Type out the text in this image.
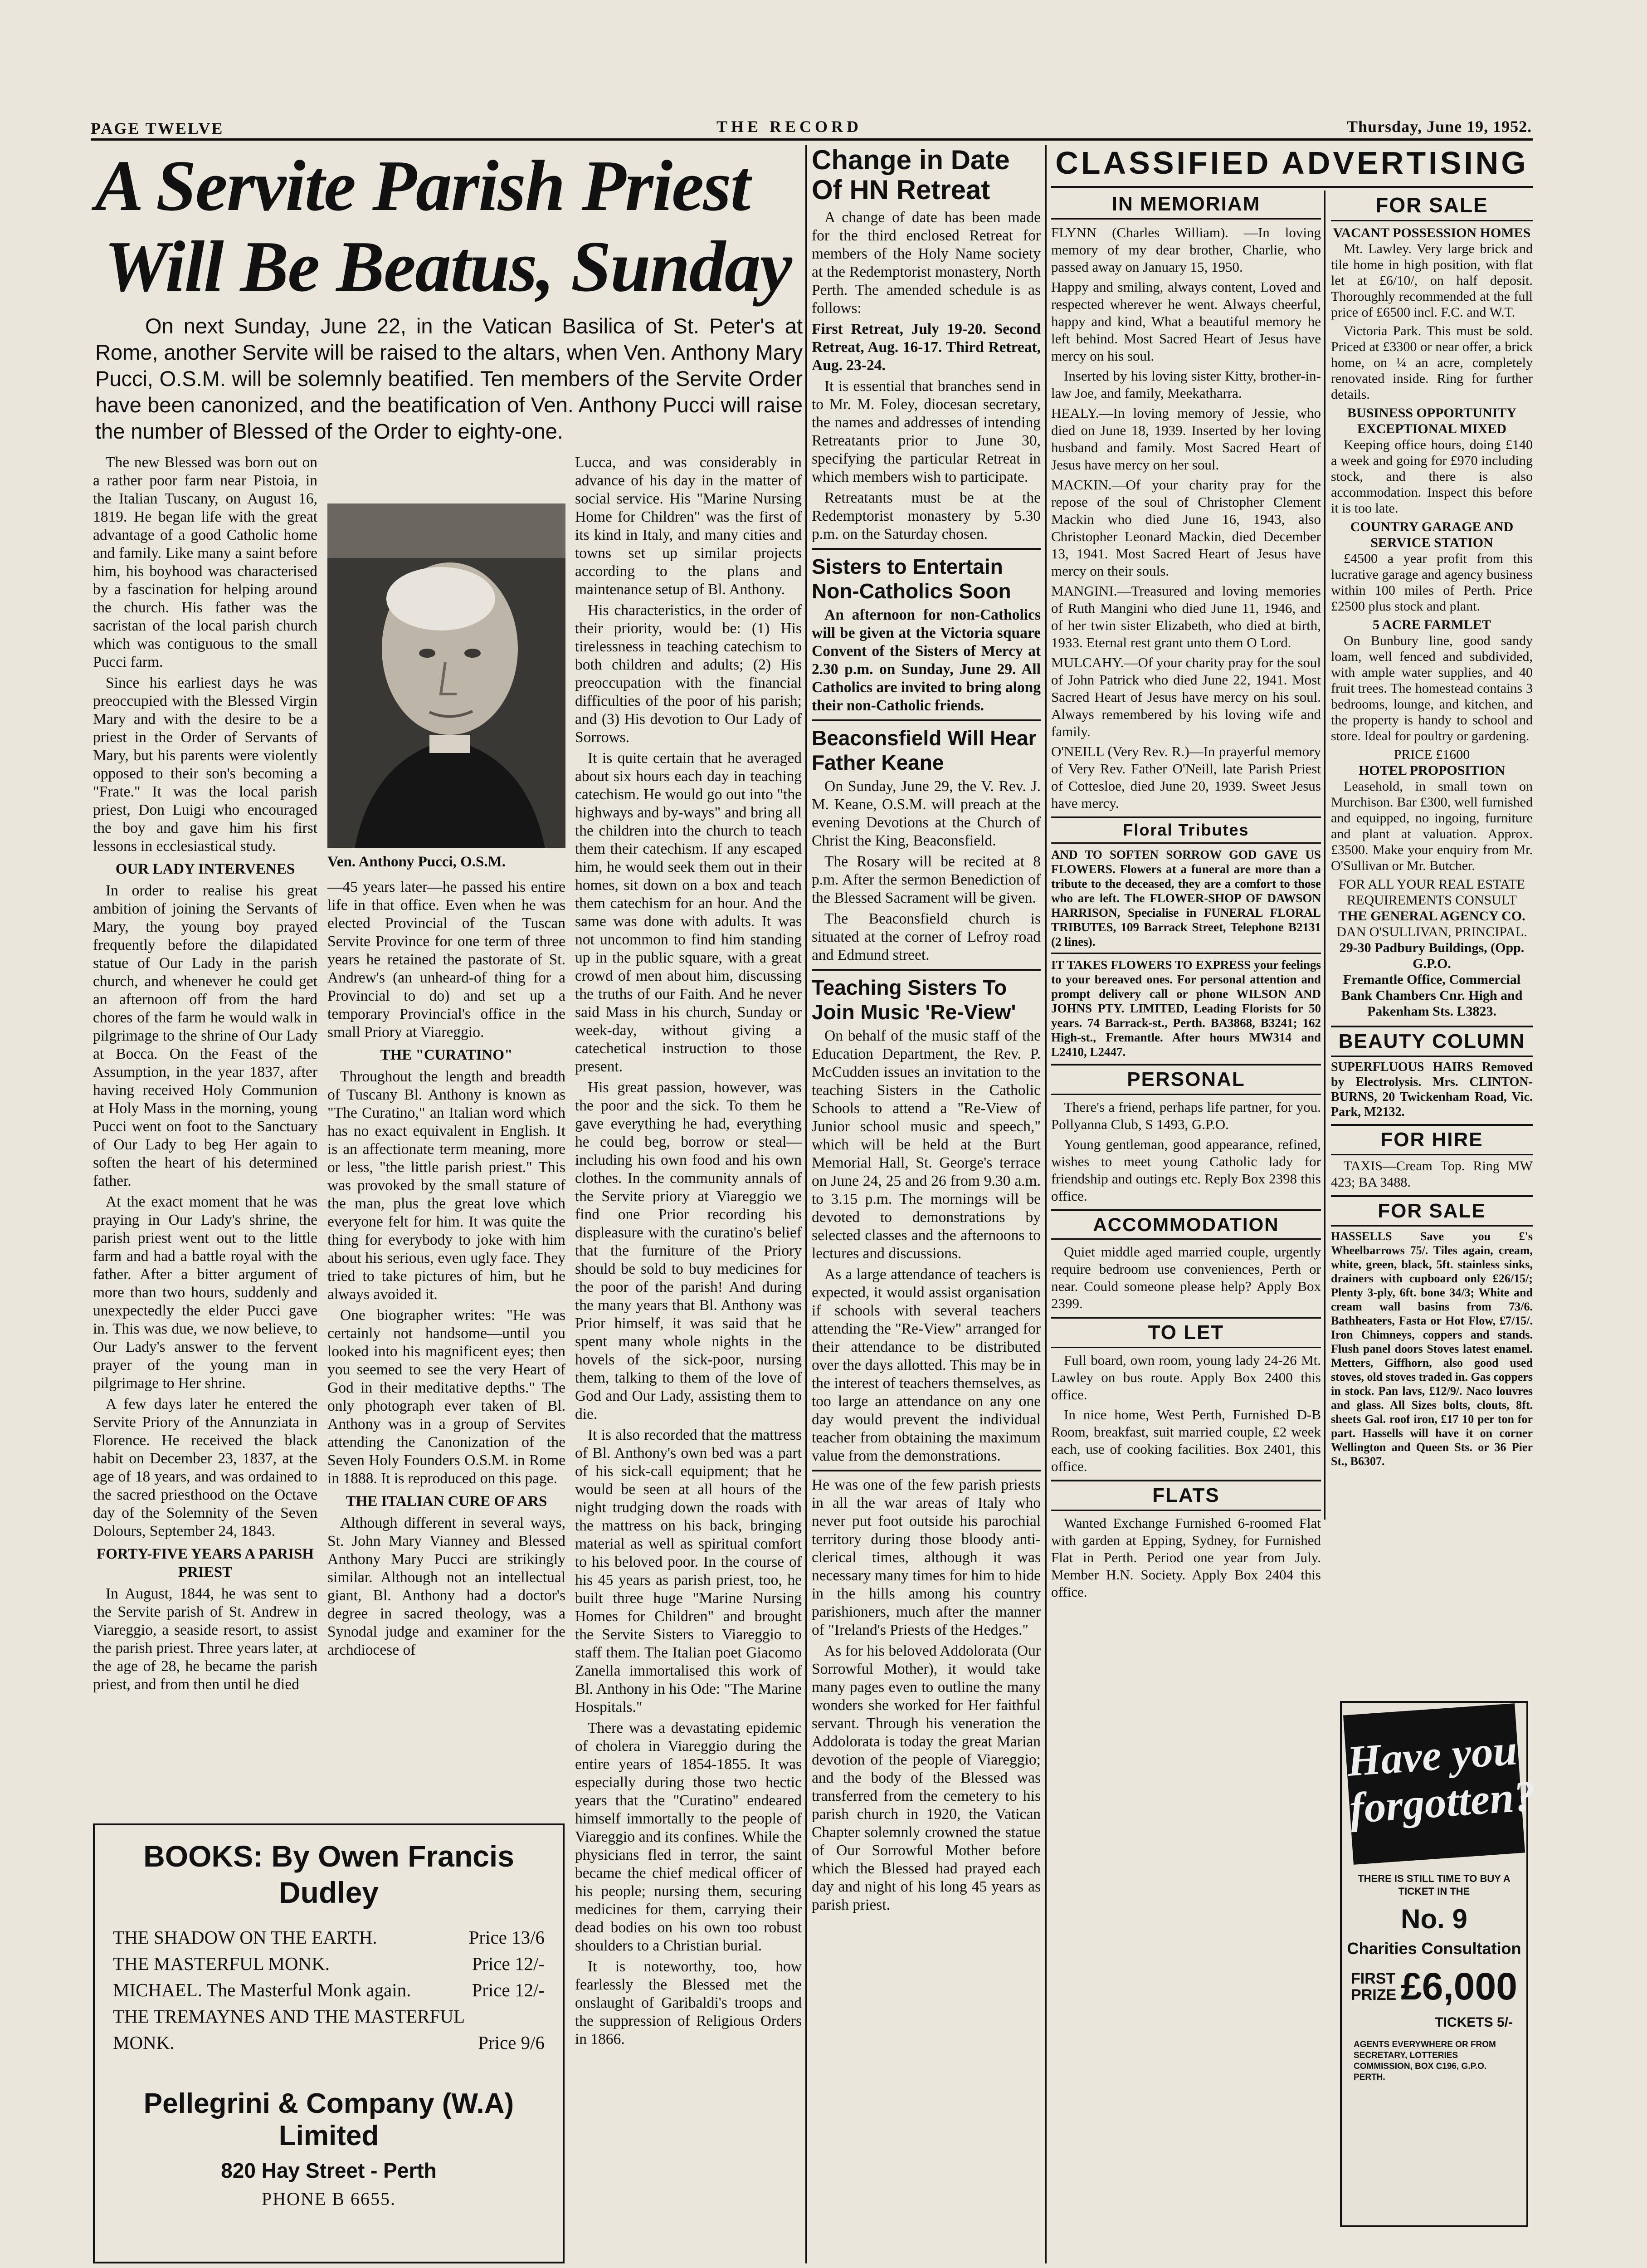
PAGE TWELVE	THE RECORD	Thursday, June 19, 1952.
A Servite Parish Priest
Will Be Beatus, Sunday
On next Sunday, June 22, in the Vatican Basilica of St. Peter's at Rome, another Servite will be raised to the altars, when Ven. Anthony Mary Pucci, O.S.M. will be solemnly beatified. Ten members of the Servite Order have been canonized, and the beatification of Ven. Anthony Pucci will raise the number of Blessed of the Order to eighty-one.

The new Blessed was born out on a rather poor farm near Pistoia, in the Italian Tuscany, on August 16, 1819. He began life with the great advantage of a good Catholic home and family. Like many a saint before him, his boyhood was characterised by a fascination for helping around the church. His father was the sacristan of the local parish church which was contiguous to the small Pucci farm.

Since his earliest days he was preoccupied with the Blessed Virgin Mary and with the desire to be a priest in the Order of Servants of Mary, but his parents were violently opposed to their son's becoming a "Frate." It was the local parish priest, Don Luigi who encouraged the boy and gave him his first lessons in ecclesiastical study.

OUR LADY INTERVENES

In order to realise his great ambition of joining the Servants of Mary, the young boy prayed frequently before the dilapidated statue of Our Lady in the parish church, and whenever he could get an afternoon off from the hard chores of the farm he would walk in pilgrimage to the shrine of Our Lady at Bocca. On the Feast of the Assumption, in the year 1837, after having received Holy Communion at Holy Mass in the morning, young Pucci went on foot to the Sanctuary of Our Lady to beg Her again to soften the heart of his determined father.

At the exact moment that he was praying in Our Lady's shrine, the parish priest went out to the little farm and had a battle royal with the father. After a bitter argument of more than two hours, suddenly and unexpectedly the elder Pucci gave in. This was due, we now believe, to Our Lady's answer to the fervent prayer of the young man in pilgrimage to Her shrine.

A few days later he entered the Servite Priory of the Annunziata in Florence. He received the black habit on December 23, 1837, at the age of 18 years, and was ordained to the sacred priesthood on the Octave day of the Solemnity of the Seven Dolours, September 24, 1843.

FORTY-FIVE YEARS A PARISH PRIEST

In August, 1844, he was sent to the Servite parish of St. Andrew in Viareggio, a seaside resort, to assist the parish priest. Three years later, at the age of 28, he became the parish priest, and from then until he died

Ven. Anthony Pucci, O.S.M.

—45 years later—he passed his entire life in that office. Even when he was elected Provincial of the Tuscan Servite Province for one term of three years he retained the pastorate of St. Andrew's (an unheard-of thing for a Provincial to do) and set up a temporary Provincial's office in the small Priory at Viareggio.

THE "CURATINO"

Throughout the length and breadth of Tuscany Bl. Anthony is known as "The Curatino," an Italian word which has no exact equivalent in English. It is an affectionate term meaning, more or less, "the little parish priest." This was provoked by the small stature of the man, plus the great love which everyone felt for him. It was quite the thing for everybody to joke with him about his serious, even ugly face. They tried to take pictures of him, but he always avoided it.

One biographer writes: "He was certainly not handsome—until you looked into his magnificent eyes; then you seemed to see the very Heart of God in their meditative depths." The only photograph ever taken of Bl. Anthony was in a group of Servites attending the Canonization of the Seven Holy Founders O.S.M. in Rome in 1888. It is reproduced on this page.

THE ITALIAN CURE OF ARS

Although different in several ways, St. John Mary Vianney and Blessed Anthony Mary Pucci are strikingly similar. Although not an intellectual giant, Bl. Anthony had a doctor's degree in sacred theology, was a Synodal judge and examiner for the archdiocese of

Lucca, and was considerably in advance of his day in the matter of social service. His "Marine Nursing Home for Children" was the first of its kind in Italy, and many cities and towns set up similar projects according to the plans and maintenance setup of Bl. Anthony.

His characteristics, in the order of their priority, would be: (1) His tirelessness in teaching catechism to both children and adults; (2) His preoccupation with the financial difficulties of the poor of his parish; and (3) His devotion to Our Lady of Sorrows.

It is quite certain that he averaged about six hours each day in teaching catechism. He would go out into "the highways and by-ways" and bring all the children into the church to teach them their catechism. If any escaped him, he would seek them out in their homes, sit down on a box and teach them catechism for an hour. And the same was done with adults. It was not uncommon to find him standing up in the public square, with a great crowd of men about him, discussing the truths of our Faith. And he never said Mass in his church, Sunday or week-day, without giving a catechetical instruction to those present.

His great passion, however, was the poor and the sick. To them he gave everything he had, everything he could beg, borrow or steal—including his own food and his own clothes. In the community annals of the Servite priory at Viareggio we find one Prior recording his displeasure with the curatino's belief that the furniture of the Priory should be sold to buy medicines for the poor of the parish! And during the many years that Bl. Anthony was Prior himself, it was said that he spent many whole nights in the hovels of the sick-poor, nursing them, talking to them of the love of God and Our Lady, assisting them to die.

It is also recorded that the mattress of Bl. Anthony's own bed was a part of his sick-call equipment; that he would be seen at all hours of the night trudging down the roads with the mattress on his back, bringing material as well as spiritual comfort to his beloved poor. In the course of his 45 years as parish priest, too, he built three huge "Marine Nursing Homes for Children" and brought the Servite Sisters to Viareggio to staff them. The Italian poet Giacomo Zanella immortalised this work of Bl. Anthony in his Ode: "The Marine Hospitals."

There was a devastating epidemic of cholera in Viareggio during the entire years of 1854-1855. It was especially during those two hectic years that the "Curatino" endeared himself immortally to the people of Viareggio and its confines. While the physicians fled in terror, the saint became the chief medical officer of his people; nursing them, securing medicines for them, carrying their dead bodies on his own too robust shoulders to a Christian burial.

It is noteworthy, too, how fearlessly the Blessed met the onslaught of Garibaldi's troops and the suppression of Religious Orders in 1866.

BOOKS: By Owen Francis Dudley
THE SHADOW ON THE EARTH.	Price 13/6
THE MASTERFUL MONK.	Price 12/-
MICHAEL. The Masterful Monk again.	Price 12/-
THE TREMAYNES AND THE MASTERFUL MONK.	Price 9/6
Pellegrini & Company (W.A) Limited
820 Hay Street - Perth
PHONE B 6655.
Change in Date Of HN Retreat

A change of date has been made for the third enclosed Retreat for members of the Holy Name society at the Redemptorist monastery, North Perth. The amended schedule is as follows:

First Retreat, July 19-20. Second Retreat, Aug. 16-17. Third Retreat, Aug. 23-24.

It is essential that branches send in to Mr. M. Foley, diocesan secretary, the names and addresses of intending Retreatants prior to June 30, specifying the particular Retreat in which members wish to participate.

Retreatants must be at the Redemptorist monastery by 5.30 p.m. on the Saturday chosen.

Sisters to Entertain Non-Catholics Soon

An afternoon for non-Catholics will be given at the Victoria square Convent of the Sisters of Mercy at 2.30 p.m. on Sunday, June 29. All Catholics are invited to bring along their non-Catholic friends.

Beaconsfield Will Hear Father Keane

On Sunday, June 29, the V. Rev. J. M. Keane, O.S.M. will preach at the evening Devotions at the Church of Christ the King, Beaconsfield.

The Rosary will be recited at 8 p.m. After the sermon Benediction of the Blessed Sacrament will be given.

The Beaconsfield church is situated at the corner of Lefroy road and Edmund street.

Teaching Sisters To Join Music 'Re-View'

On behalf of the music staff of the Education Department, the Rev. P. McCudden issues an invitation to the teaching Sisters in the Catholic Schools to attend a "Re-View of Junior school music and speech," which will be held at the Burt Memorial Hall, St. George's terrace on June 24, 25 and 26 from 9.30 a.m. to 3.15 p.m. The mornings will be devoted to demonstrations by selected classes and the afternoons to lectures and discussions.

As a large attendance of teachers is expected, it would assist organisation if schools with several teachers attending the "Re-View" arranged for their attendance to be distributed over the days allotted. This may be in the interest of teachers themselves, as too large an attendance on any one day would prevent the individual teacher from obtaining the maximum value from the demonstrations.

He was one of the few parish priests in all the war areas of Italy who never put foot outside his parochial territory during those bloody anti-clerical times, although it was necessary many times for him to hide in the hills among his country parishioners, much after the manner of "Ireland's Priests of the Hedges."

As for his beloved Addolorata (Our Sorrowful Mother), it would take many pages even to outline the many wonders she worked for Her faithful servant. Through his veneration the Addolorata is today the great Marian devotion of the people of Viareggio; and the body of the Blessed was transferred from the cemetery to his parish church in 1920, the Vatican Chapter solemnly crowned the statue of Our Sorrowful Mother before which the Blessed had prayed each day and night of his long 45 years as parish priest.

CLASSIFIED ADVERTISING
IN MEMORIAM

FLYNN (Charles William). —In loving memory of my dear brother, Charlie, who passed away on January 15, 1950.

Happy and smiling, always content, Loved and respected wherever he went. Always cheerful, happy and kind, What a beautiful memory he left behind. Most Sacred Heart of Jesus have mercy on his soul.

Inserted by his loving sister Kitty, brother-in-law Joe, and family, Meekatharra.

HEALY.—In loving memory of Jessie, who died on June 18, 1939. Inserted by her loving husband and family. Most Sacred Heart of Jesus have mercy on her soul.

MACKIN.—Of your charity pray for the repose of the soul of Christopher Clement Mackin who died June 16, 1943, also Christopher Leonard Mackin, died December 13, 1941. Most Sacred Heart of Jesus have mercy on their souls.

MANGINI.—Treasured and loving memories of Ruth Mangini who died June 11, 1946, and of her twin sister Elizabeth, who died at birth, 1933. Eternal rest grant unto them O Lord.

MULCAHY.—Of your charity pray for the soul of John Patrick who died June 22, 1941. Most Sacred Heart of Jesus have mercy on his soul. Always remembered by his loving wife and family.

O'NEILL (Very Rev. R.)—In prayerful memory of Very Rev. Father O'Neill, late Parish Priest of Cottesloe, died June 20, 1939. Sweet Jesus have mercy.

Floral Tributes

AND TO SOFTEN SORROW GOD GAVE US FLOWERS. Flowers at a funeral are more than a tribute to the deceased, they are a comfort to those who are left. The FLOWER-SHOP OF DAWSON HARRISON, Specialise in FUNERAL FLORAL TRIBUTES, 109 Barrack Street, Telephone B2131 (2 lines).

IT TAKES FLOWERS TO EXPRESS your feelings to your bereaved ones. For personal attention and prompt delivery call or phone WILSON AND JOHNS PTY. LIMITED, Leading Florists for 50 years. 74 Barrack-st., Perth. BA3868, B3241; 162 High-st., Fremantle. After hours MW314 and L2410, L2447.

PERSONAL

There's a friend, perhaps life partner, for you. Pollyanna Club, S 1493, G.P.O.

Young gentleman, good appearance, refined, wishes to meet young Catholic lady for friendship and outings etc. Reply Box 2398 this office.

ACCOMMODATION

Quiet middle aged married couple, urgently require bedroom use conveniences, Perth or near. Could someone please help? Apply Box 2399.

TO LET

Full board, own room, young lady 24-26 Mt. Lawley on bus route. Apply Box 2400 this office.

In nice home, West Perth, Furnished D-B Room, breakfast, suit married couple, £2 week each, use of cooking facilities. Box 2401, this office.

FLATS

Wanted Exchange Furnished 6-roomed Flat with garden at Epping, Sydney, for Furnished Flat in Perth. Period one year from July. Member H.N. Society. Apply Box 2404 this office.

FOR SALE
VACANT POSSESSION HOMES

Mt. Lawley. Very large brick and tile home in high position, with flat let at £6/10/, on half deposit. Thoroughly recommended at the full price of £6500 incl. F.C. and W.T.

Victoria Park. This must be sold. Priced at £3300 or near offer, a brick home, on ¼ an acre, completely renovated inside. Ring for further details.

BUSINESS OPPORTUNITY EXCEPTIONAL MIXED

Keeping office hours, doing £140 a week and going for £970 including stock, and there is also accommodation. Inspect this before it is too late.

COUNTRY GARAGE AND SERVICE STATION

£4500 a year profit from this lucrative garage and agency business within 100 miles of Perth. Price £2500 plus stock and plant.

5 ACRE FARMLET

On Bunbury line, good sandy loam, well fenced and subdivided, with ample water supplies, and 40 fruit trees. The homestead contains 3 bedrooms, lounge, and kitchen, and the property is handy to school and store. Ideal for poultry or gardening.

PRICE £1600
HOTEL PROPOSITION

Leasehold, in small town on Murchison. Bar £300, well furnished and equipped, no ingoing, furniture and plant at valuation. Approx. £3500. Make your enquiry from Mr. O'Sullivan or Mr. Butcher.

FOR ALL YOUR REAL ESTATE REQUIREMENTS CONSULT
THE GENERAL AGENCY CO.
DAN O'SULLIVAN, PRINCIPAL.
29-30 Padbury Buildings, (Opp. G.P.O.
Fremantle Office, Commercial Bank Chambers Cnr. High and Pakenham Sts. L3823.
BEAUTY COLUMN

SUPERFLUOUS HAIRS Removed by Electrolysis. Mrs. CLINTON-BURNS, 20 Twickenham Road, Vic. Park, M2132.

FOR HIRE

TAXIS—Cream Top. Ring MW 423; BA 3488.

FOR SALE

HASSELLS Save you £'s Wheelbarrows 75/. Tiles again, cream, white, green, black, 5ft. stainless sinks, drainers with cupboard only £26/15/; Plenty 3-ply, 6ft. bone 34/3; White and cream wall basins from 73/6. Bathheaters, Fasta or Hot Flow, £7/15/. Iron Chimneys, coppers and stands. Flush panel doors Stoves latest enamel. Metters, Giffhorn, also good used stoves, old stoves traded in. Gas coppers in stock. Pan lavs, £12/9/. Naco louvres and glass. All Sizes bolts, clouts, 8ft. sheets Gal. roof iron, £17 10 per ton for part. Hassells will have it on corner Wellington and Queen Sts. or 36 Pier St., B6307.

Have you forgotten?
THERE IS STILL TIME TO BUY A TICKET IN THE
No. 9
Charities Consultation
FIRST PRIZE £6,000
TICKETS 5/-
AGENTS EVERYWHERE OR FROM SECRETARY, LOTTERIES COMMISSION, BOX C196, G.P.O. PERTH.
